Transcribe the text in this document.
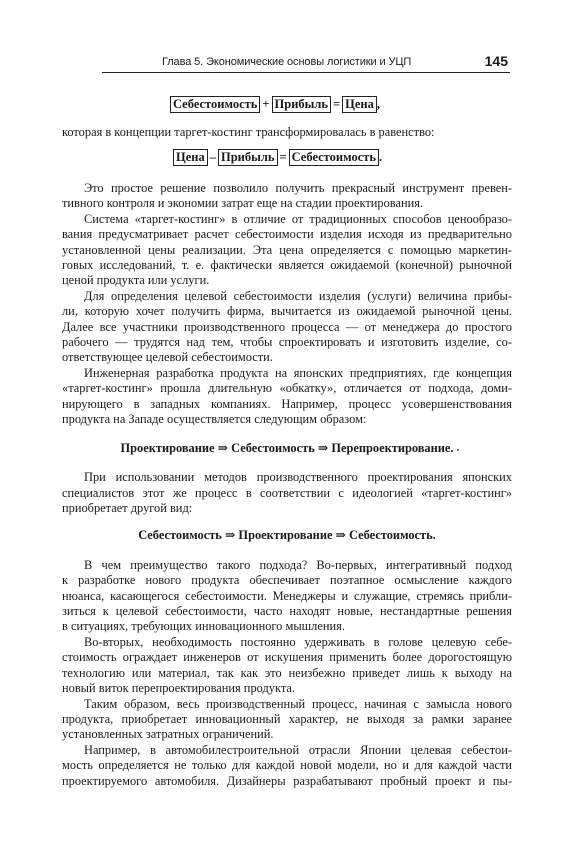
Глава 5. Экономические основы логистики и УЦП	145
Себестоимость + Прибыль = Цена ,
Цена – Прибыль = Себестоимость .
которая в концепции таргет-костинг трансформировалась в равенство:
Это простое решение позволило получить прекрасный инструмент превен-
тивного контроля и экономии затрат еще на стадии проектирования.
Система «таргет-костинг» в отличие от традиционных способов ценообразо-
вания предусматривает расчет себестоимости изделия исходя из предварительно
установленной цены реализации. Эта цена определяется с помощью маркетин-
говых исследований, т. е. фактически является ожидаемой (конечной) рыночной
ценой продукта или услуги.
Для определения целевой себестоимости изделия (услуги) величина прибы-
ли, которую хочет получить фирма, вычитается из ожидаемой рыночной цены.
Далее все участники производственного процесса — от менеджера до простого
рабочего — трудятся над тем, чтобы спроектировать и изготовить изделие, со-
ответствующее целевой себестоимости.
Инженерная разработка продукта на японских предприятиях, где концепция
«таргет-костинг» прошла длительную «обкатку», отличается от подхода, доми-
нирующего в западных компаниях. Например, процесс усовершенствования
продукта на Западе осуществляется следующим образом:
Проектирование ⇒ Себестоимость ⇒ Перепроектирование.
При использовании методов производственного проектирования японских
специалистов этот же процесс в соответствии с идеологией «таргет-костинг»
приобретает другой вид:
Себестоимость ⇒ Проектирование ⇒ Себестоимость.
В чем преимущество такого подхода? Во-первых, интегративный подход
к разработке нового продукта обеспечивает поэтапное осмысление каждого
нюанса, касающегося себестоимости. Менеджеры и служащие, стремясь прибли-
зиться к целевой себестоимости, часто находят новые, нестандартные решения
в ситуациях, требующих инновационного мышления.
Во-вторых, необходимость постоянно удерживать в голове целевую себе-
стоимость ограждает инженеров от искушения применить более дорогостоящую
технологию или материал, так как это неизбежно приведет лишь к выходу на
новый виток перепроектирования продукта.
Таким образом, весь производственный процесс, начиная с замысла нового
продукта, приобретает инновационный характер, не выходя за рамки заранее
установленных затратных ограничений.
Например, в автомобилестроительной отрасли Японии целевая себестои-
мость определяется не только для каждой новой модели, но и для каждой части
проектируемого автомобиля. Дизайнеры разрабатывают пробный проект и пы-
